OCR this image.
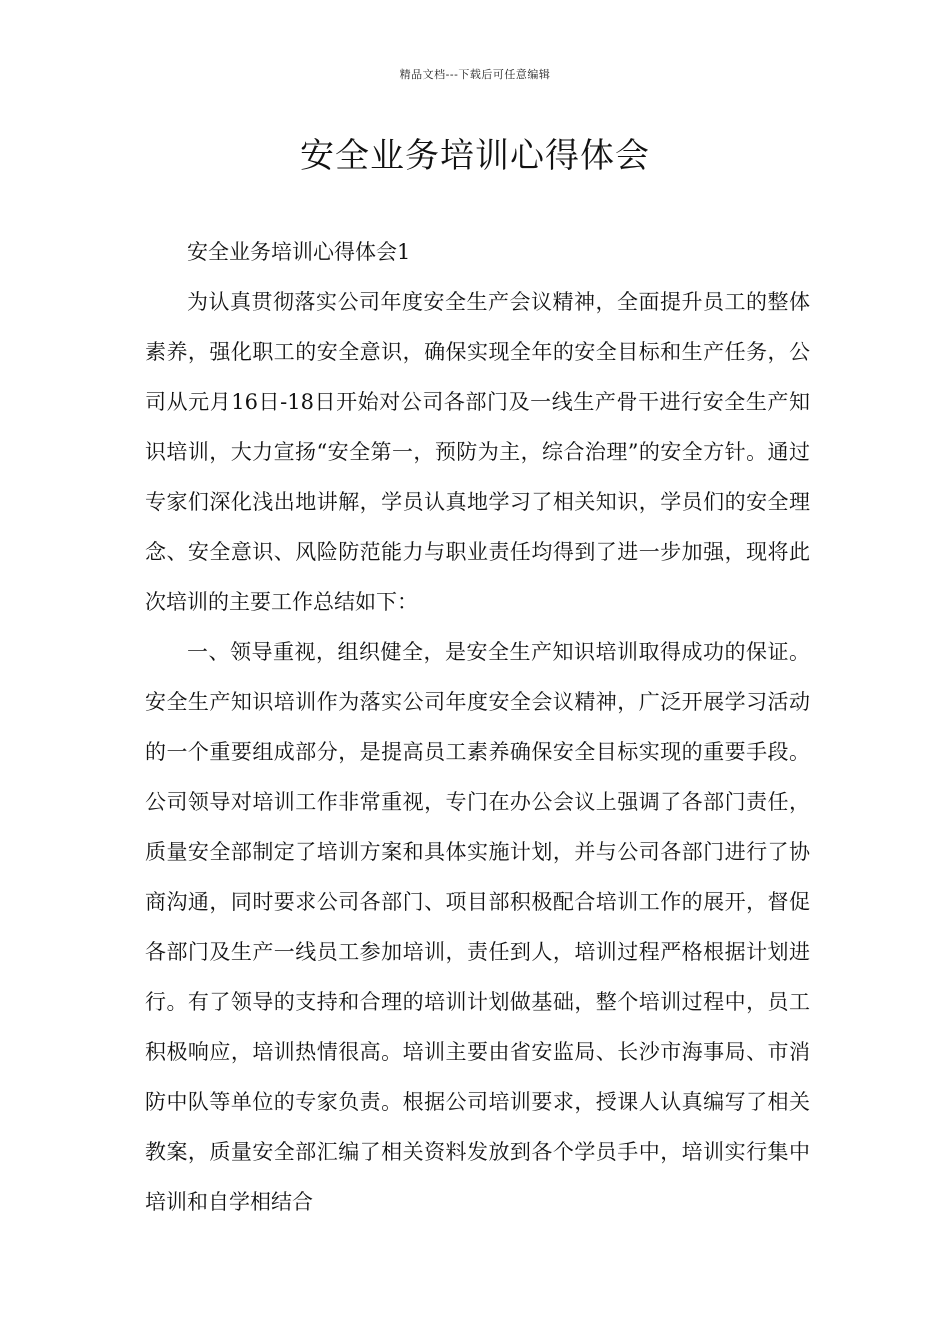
精品文档---下载后可任意编辑
安全业务培训心得体会

安全业务培训心得体会1

为认真贯彻落实公司年度安全生产会议精神，全面提升员工的整体素养，强化职工的安全意识，确保实现全年的安全目标和生产任务，公司从元月16日-18日开始对公司各部门及一线生产骨干进行安全生产知识培训，大力宣扬“安全第一，预防为主，综合治理”的安全方针。通过专家们深化浅出地讲解，学员认真地学习了相关知识，学员们的安全理念、安全意识、风险防范能力与职业责任均得到了进一步加强，现将此次培训的主要工作总结如下：

一、领导重视，组织健全，是安全生产知识培训取得成功的保证。安全生产知识培训作为落实公司年度安全会议精神，广泛开展学习活动的一个重要组成部分，是提高员工素养确保安全目标实现的重要手段。公司领导对培训工作非常重视，专门在办公会议上强调了各部门责任，质量安全部制定了培训方案和具体实施计划，并与公司各部门进行了协商沟通，同时要求公司各部门、项目部积极配合培训工作的展开，督促各部门及生产一线员工参加培训，责任到人，培训过程严格根据计划进行。有了领导的支持和合理的培训计划做基础，整个培训过程中，员工积极响应，培训热情很高。培训主要由省安监局、长沙市海事局、市消防中队等单位的专家负责。根据公司培训要求，授课人认真编写了相关教案，质量安全部汇编了相关资料发放到各个学员手中，培训实行集中培训和自学相结合
